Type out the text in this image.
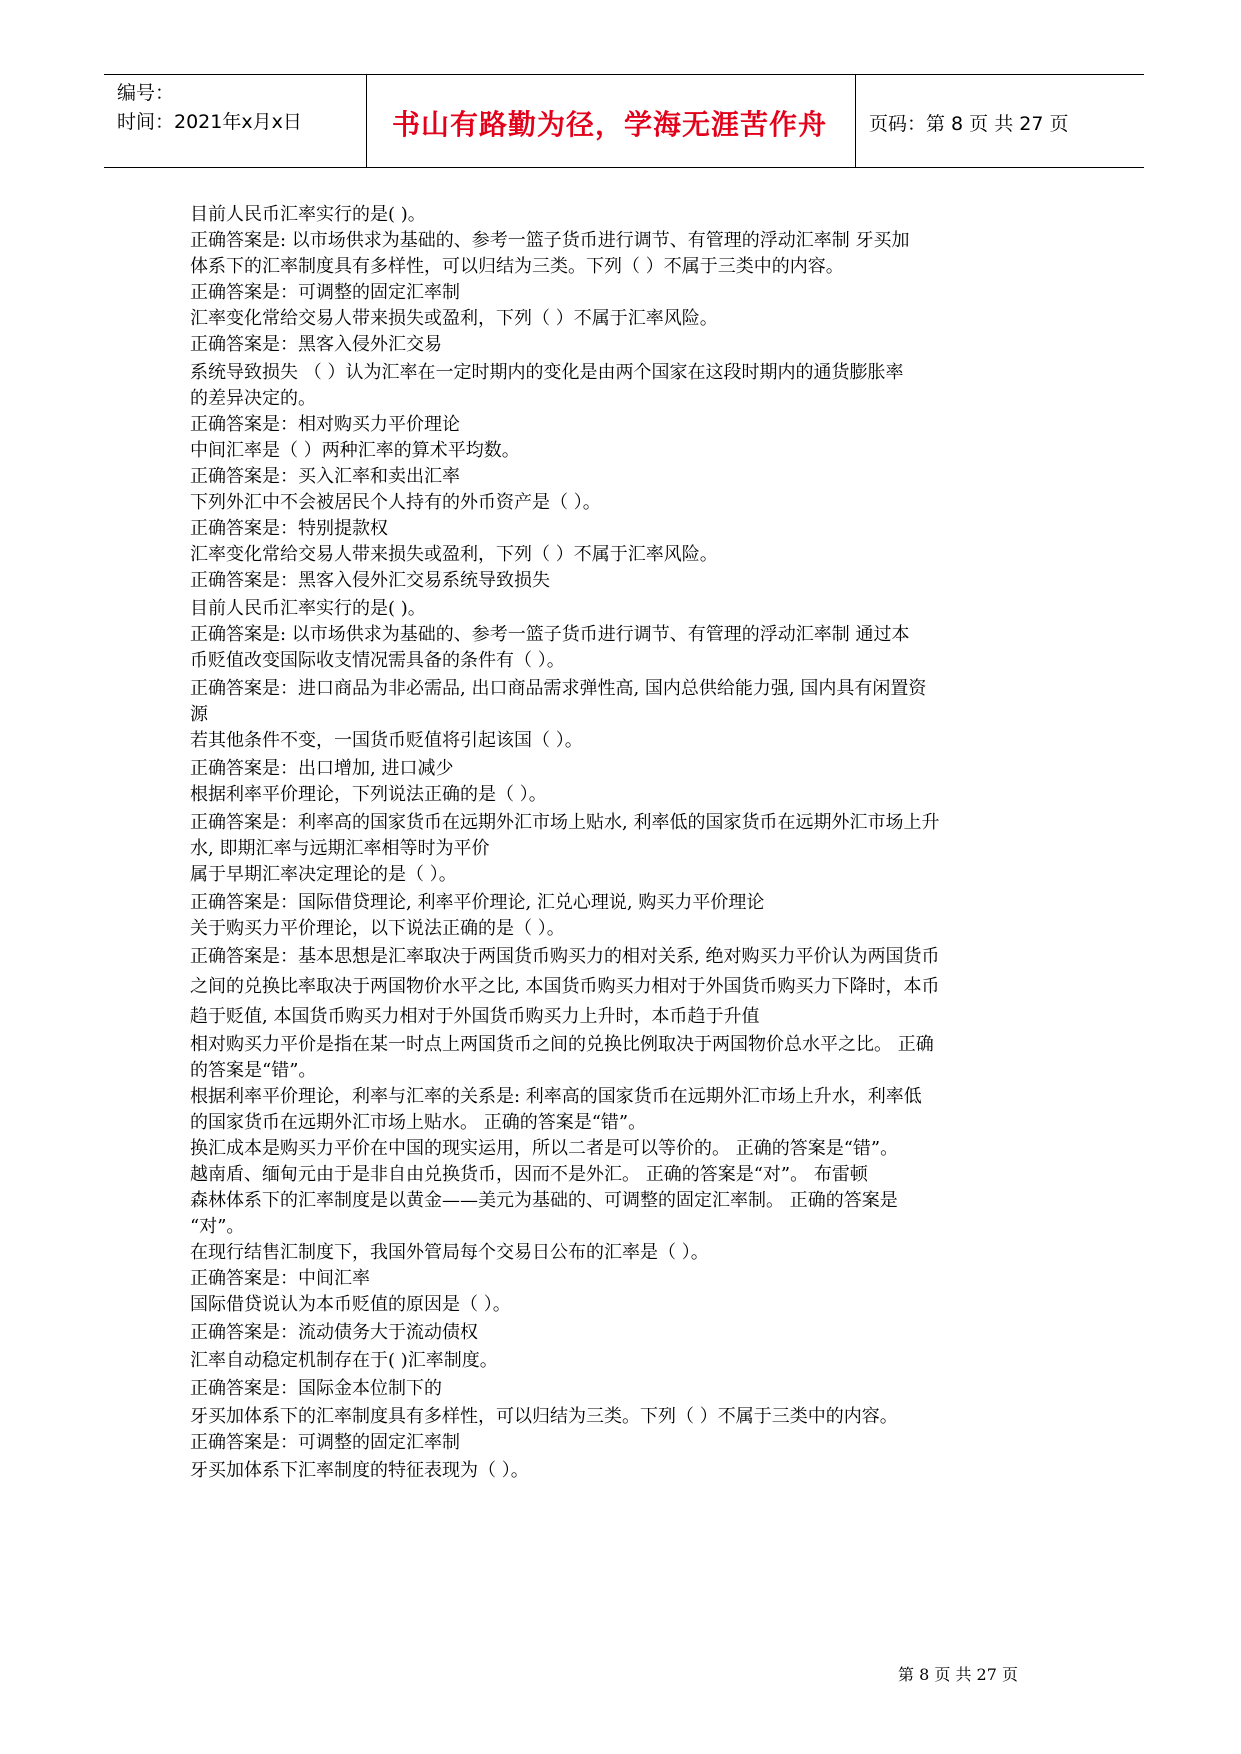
编号：
时间：2021年x月x日	书山有路勤为径，学海无涯苦作舟 页码：第 8 页 共 27 页
目前人民币汇率实行的是( )。
正确答案是: 以市场供求为基础的、参考一篮子货币进行调节、有管理的浮动汇率制 牙买加
体系下的汇率制度具有多样性，可以归结为三类。下列（ ）不属于三类中的内容。
正确答案是：可调整的固定汇率制
汇率变化常给交易人带来损失或盈利，下列（ ）不属于汇率风险。
正确答案是：黑客入侵外汇交易
系统导致损失 （ ）认为汇率在一定时期内的变化是由两个国家在这段时期内的通货膨胀率
的差异决定的。
正确答案是：相对购买力平价理论
中间汇率是（ ）两种汇率的算术平均数。
正确答案是：买入汇率和卖出汇率
下列外汇中不会被居民个人持有的外币资产是（ ）。
正确答案是：特别提款权
汇率变化常给交易人带来损失或盈利，下列（ ）不属于汇率风险。
正确答案是：黑客入侵外汇交易系统导致损失
目前人民币汇率实行的是( )。
正确答案是: 以市场供求为基础的、参考一篮子货币进行调节、有管理的浮动汇率制 通过本
币贬值改变国际收支情况需具备的条件有（ ）。
正确答案是：进口商品为非必需品, 出口商品需求弹性高, 国内总供给能力强, 国内具有闲置资
源
若其他条件不变，一国货币贬值将引起该国（ ）。
正确答案是：出口增加, 进口减少
根据利率平价理论，下列说法正确的是（ ）。
正确答案是：利率高的国家货币在远期外汇市场上贴水, 利率低的国家货币在远期外汇市场上升
水, 即期汇率与远期汇率相等时为平价
属于早期汇率决定理论的是（ ）。
正确答案是：国际借贷理论, 利率平价理论, 汇兑心理说, 购买力平价理论
关于购买力平价理论，以下说法正确的是（ ）。
正确答案是：基本思想是汇率取决于两国货币购买力的相对关系, 绝对购买力平价认为两国货币
之间的兑换比率取决于两国物价水平之比, 本国货币购买力相对于外国货币购买力下降时，本币
趋于贬值, 本国货币购买力相对于外国货币购买力上升时，本币趋于升值
相对购买力平价是指在某一时点上两国货币之间的兑换比例取决于两国物价总水平之比。 正确
的答案是“错”。
根据利率平价理论，利率与汇率的关系是: 利率高的国家货币在远期外汇市场上升水，利率低
的国家货币在远期外汇市场上贴水。 正确的答案是“错”。
换汇成本是购买力平价在中国的现实运用，所以二者是可以等价的。 正确的答案是“错”。
越南盾、缅甸元由于是非自由兑换货币，因而不是外汇。 正确的答案是“对”。 布雷顿
森林体系下的汇率制度是以黄金——美元为基础的、可调整的固定汇率制。 正确的答案是
“对”。
在现行结售汇制度下，我国外管局每个交易日公布的汇率是（ ）。
正确答案是：中间汇率
国际借贷说认为本币贬值的原因是（ ）。
正确答案是：流动债务大于流动债权
汇率自动稳定机制存在于( )汇率制度。
正确答案是：国际金本位制下的
牙买加体系下的汇率制度具有多样性，可以归结为三类。下列（ ）不属于三类中的内容。
正确答案是：可调整的固定汇率制
牙买加体系下汇率制度的特征表现为（ ）。
第 8 页 共 27 页
